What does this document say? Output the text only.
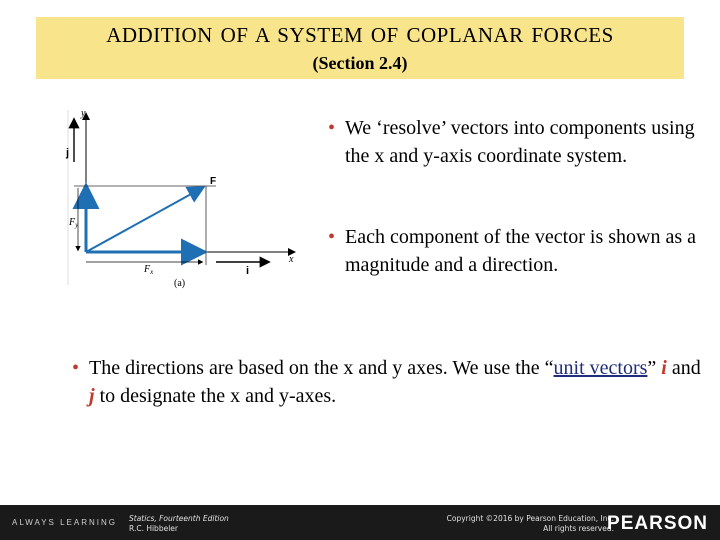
ADDITION OF A SYSTEM OF COPLANAR FORCES
(Section 2.4)
y
x
j
$F_y$
F
$F_x$	i
(a)
• We ‘resolve’ vectors into components using the x and y-axis coordinate system.
• Each component of the vector is shown as a magnitude and a direction.
• The directions are based on the x and y axes. We use the “unit vectors” i and j to designate the x and y-axes.
ALWAYS LEARNING Statics, Fourteenth Edition
R.C. Hibbeler
Copyright ©2016 by Pearson Education, Inc.
All rights reserved.
PEARSON
